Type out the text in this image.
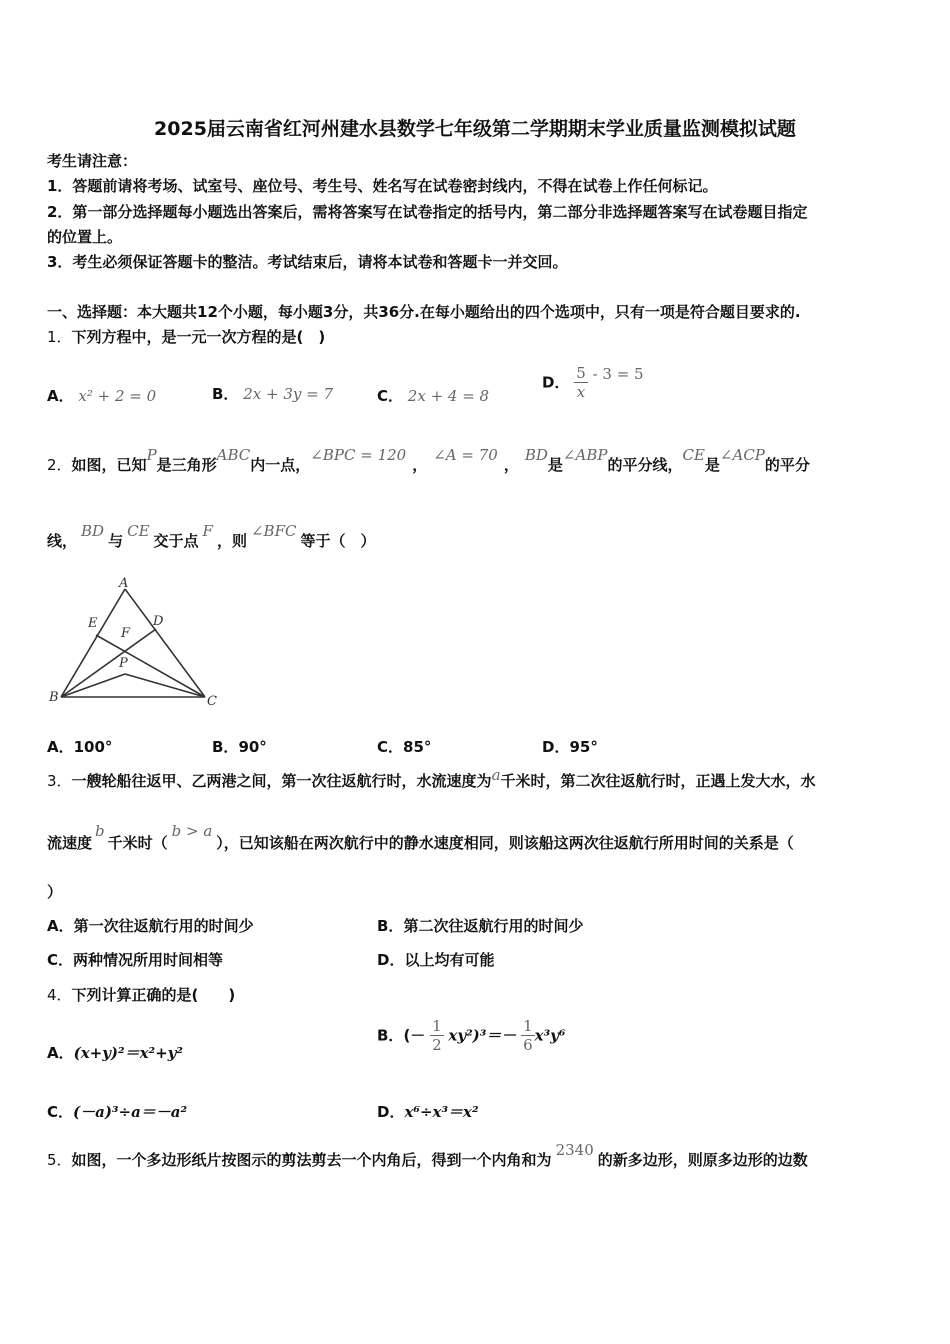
2025届云南省红河州建水县数学七年级第二学期期末学业质量监测模拟试题
考生请注意：
1．答题前请将考场、试室号、座位号、考生号、姓名写在试卷密封线内，不得在试卷上作任何标记。
2．第一部分选择题每小题选出答案后，需将答案写在试卷指定的括号内，第二部分非选择题答案写在试卷题目指定
的位置上。
3．考生必须保证答题卡的整洁。考试结束后，请将本试卷和答题卡一并交回。
一、选择题：本大题共12个小题，每小题3分，共36分.在每小题给出的四个选项中，只有一项是符合题目要求的.
1．下列方程中，是一元一次方程的是(　)
A． x² + 2 = 0	B． 2x + 3y = 7	C． 2x + 4 = 8
D． $\frac{5}{x} - 3 = 5$
2．如图，已知P是三角形ABC内一点，∠BPC = 120，∠A = 70，BD是∠ABP的平分线，CE是∠ACP的平分
线，BD与CE交于点F，则∠BFC等于（　）
A
B	C
D
E
F
P
A．100°	B．90°	C．85°	D．95°
3．一艘轮船往返甲、乙两港之间，第一次往返航行时，水流速度为a千米时，第二次往返航行时，正遇上发大水，水
流速度b千米时（b > a），已知该船在两次航行中的静水速度相同，则该船这两次往返航行所用时间的关系是（
）
A．第一次往返航行用的时间少	B．第二次往返航行用的时间少
C．两种情况所用时间相等	D．以上均有可能
4．下列计算正确的是(　　)
A．(x+y)²＝x²+y²
B．(－ $\frac{1}{2} xy^2)^3=- \frac{1}{6} x^3y^6$
C．(－a)³÷a＝－a²	D．x⁶÷x³＝x²
5．如图，一个多边形纸片按图示的剪法剪去一个内角后，得到一个内角和为2340的新多边形，则原多边形的边数
